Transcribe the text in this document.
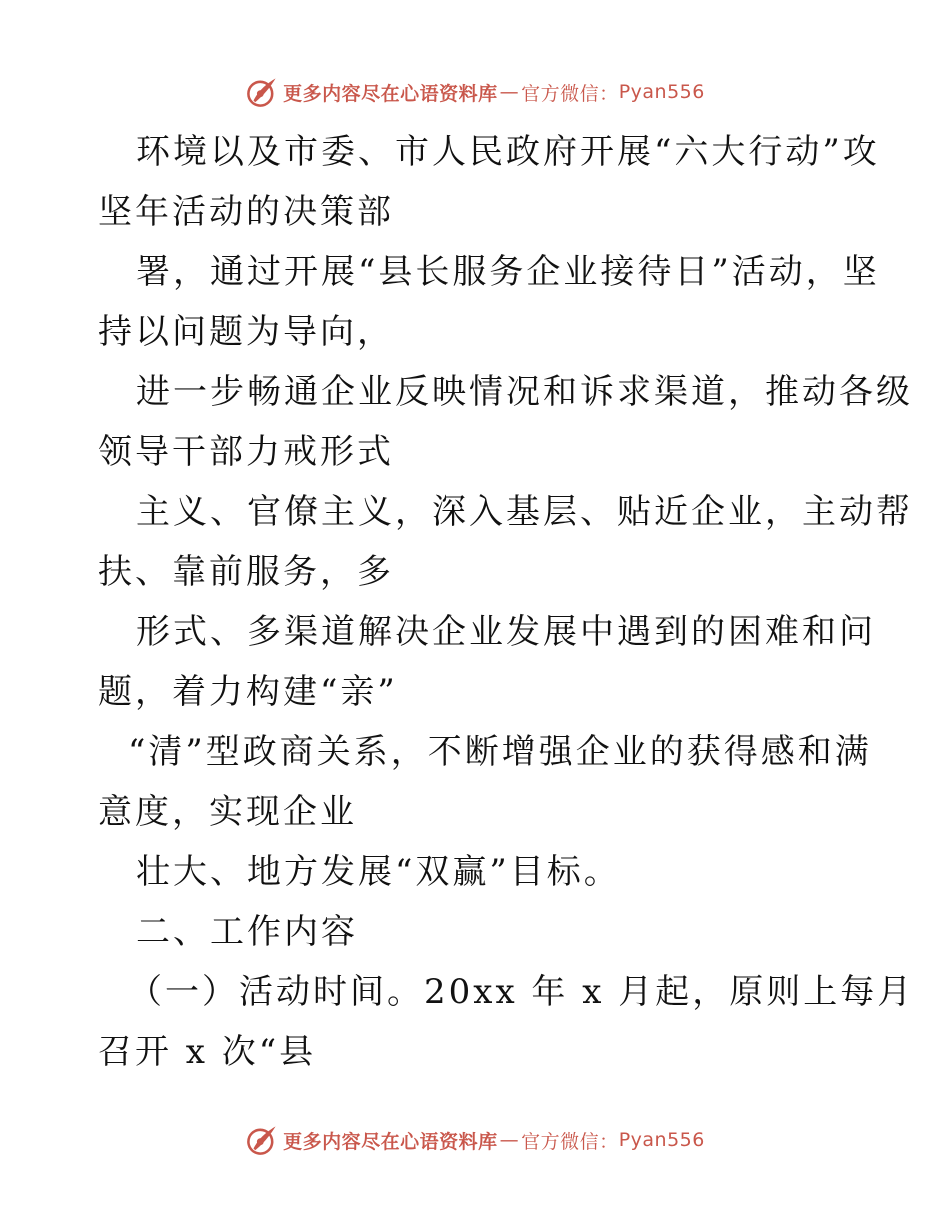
更多内容尽在心语资料库 — 官方微信： Pyan556
环境以及市委、市人民政府开展“六大行动”攻
坚年活动的决策部
署，通过开展“县长服务企业接待日”活动，坚
持以问题为导向，
进一步畅通企业反映情况和诉求渠道，推动各级
领导干部力戒形式
主义、官僚主义，深入基层、贴近企业，主动帮
扶、靠前服务，多
形式、多渠道解决企业发展中遇到的困难和问
题，着力构建“亲”
“清”型政商关系，不断增强企业的获得感和满
意度，实现企业
壮大、地方发展“双赢”目标。
二、工作内容
（一）活动时间。20xx 年 x 月起，原则上每月
召开 x 次“县
更多内容尽在心语资料库 — 官方微信： Pyan556
